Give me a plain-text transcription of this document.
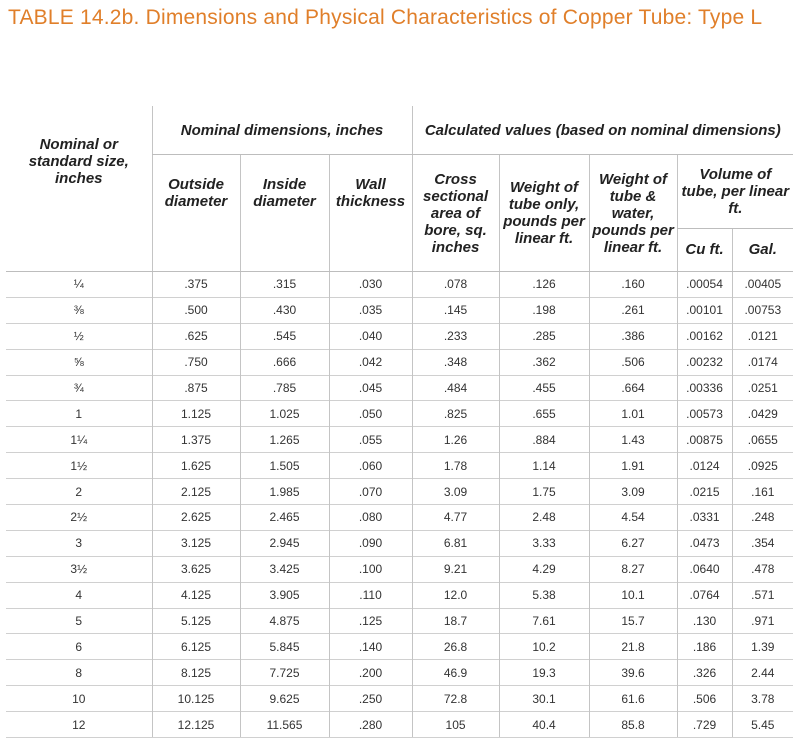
TABLE 14.2b. Dimensions and Physical Characteristics of Copper Tube: Type L
Nominal or standard size, inches	Nominal dimensions, inches			Calculated values (based on nominal dimensions)				
	Outside diameter	Inside diameter	Wall thickness	Cross sectional area of bore, sq. inches	Weight of tube only, pounds per linear ft.	Weight of tube & water, pounds per linear ft.	Volume of tube, per linear ft.	
							Cu ft.	Gal.
¼	.375	.315	.030	.078	.126	.160	.00054	.00405
⅜	.500	.430	.035	.145	.198	.261	.00101	.00753
½	.625	.545	.040	.233	.285	.386	.00162	.0121
⅝	.750	.666	.042	.348	.362	.506	.00232	.0174
¾	.875	.785	.045	.484	.455	.664	.00336	.0251
1	1.125	1.025	.050	.825	.655	1.01	.00573	.0429
1¼	1.375	1.265	.055	1.26	.884	1.43	.00875	.0655
1½	1.625	1.505	.060	1.78	1.14	1.91	.0124	.0925
2	2.125	1.985	.070	3.09	1.75	3.09	.0215	.161
2½	2.625	2.465	.080	4.77	2.48	4.54	.0331	.248
3	3.125	2.945	.090	6.81	3.33	6.27	.0473	.354
3½	3.625	3.425	.100	9.21	4.29	8.27	.0640	.478
4	4.125	3.905	.110	12.0	5.38	10.1	.0764	.571
5	5.125	4.875	.125	18.7	7.61	15.7	.130	.971
6	6.125	5.845	.140	26.8	10.2	21.8	.186	1.39
8	8.125	7.725	.200	46.9	19.3	39.6	.326	2.44
10	10.125	9.625	.250	72.8	30.1	61.6	.506	3.78
12	12.125	11.565	.280	105	40.4	85.8	.729	5.45
